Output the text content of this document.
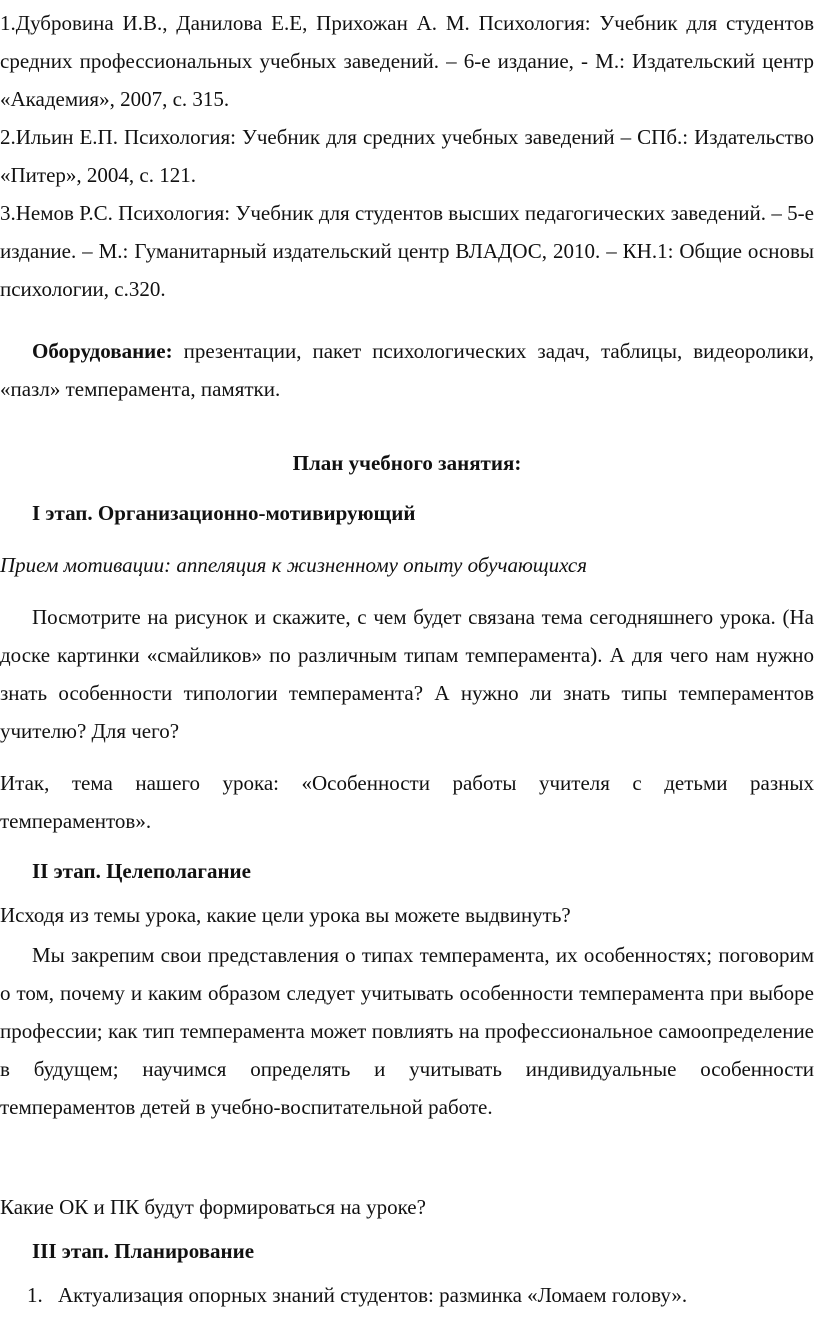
1.Дубровина И.В., Данилова Е.Е, Прихожан А. М. Психология: Учебник для студентов средних профессиональных учебных заведений. – 6-е издание, - М.: Издательский центр «Академия», 2007, с. 315.

2.Ильин Е.П. Психология: Учебник для средних учебных заведений – СПб.: Издательство «Питер», 2004, с. 121.

3.Немов Р.С. Психология: Учебник для студентов высших педагогических заведений. – 5-е издание. – М.: Гуманитарный издательский центр ВЛАДОС, 2010. – КН.1: Общие основы психологии, с.320.

Оборудование: презентации, пакет психологических задач, таблицы, видеоролики, «пазл» темперамента, памятки.

План учебного занятия:

I этап. Организационно-мотивирующий

Прием мотивации: аппеляция к жизненному опыту обучающихся

Посмотрите на рисунок и скажите, с чем будет связана тема сегодняшнего урока. (На доске картинки «смайликов» по различным типам темперамента). А для чего нам нужно знать особенности типологии темперамента? А нужно ли знать типы темпераментов учителю? Для чего?

Итак, тема нашего урока: «Особенности работы учителя с детьми разных темпераментов».

II этап. Целеполагание

Исходя из темы урока, какие цели урока вы можете выдвинуть?

Мы закрепим свои представления о типах темперамента, их особенностях; поговорим о том, почему и каким образом следует учитывать особенности темперамента при выборе профессии; как тип темперамента может повлиять на профессиональное самоопределение в будущем; научимся определять и учитывать индивидуальные особенности темпераментов детей в учебно-воспитательной работе.

Какие ОК и ПК будут формироваться на уроке?

III этап. Планирование

1. Актуализация опорных знаний студентов: разминка «Ломаем голову».
